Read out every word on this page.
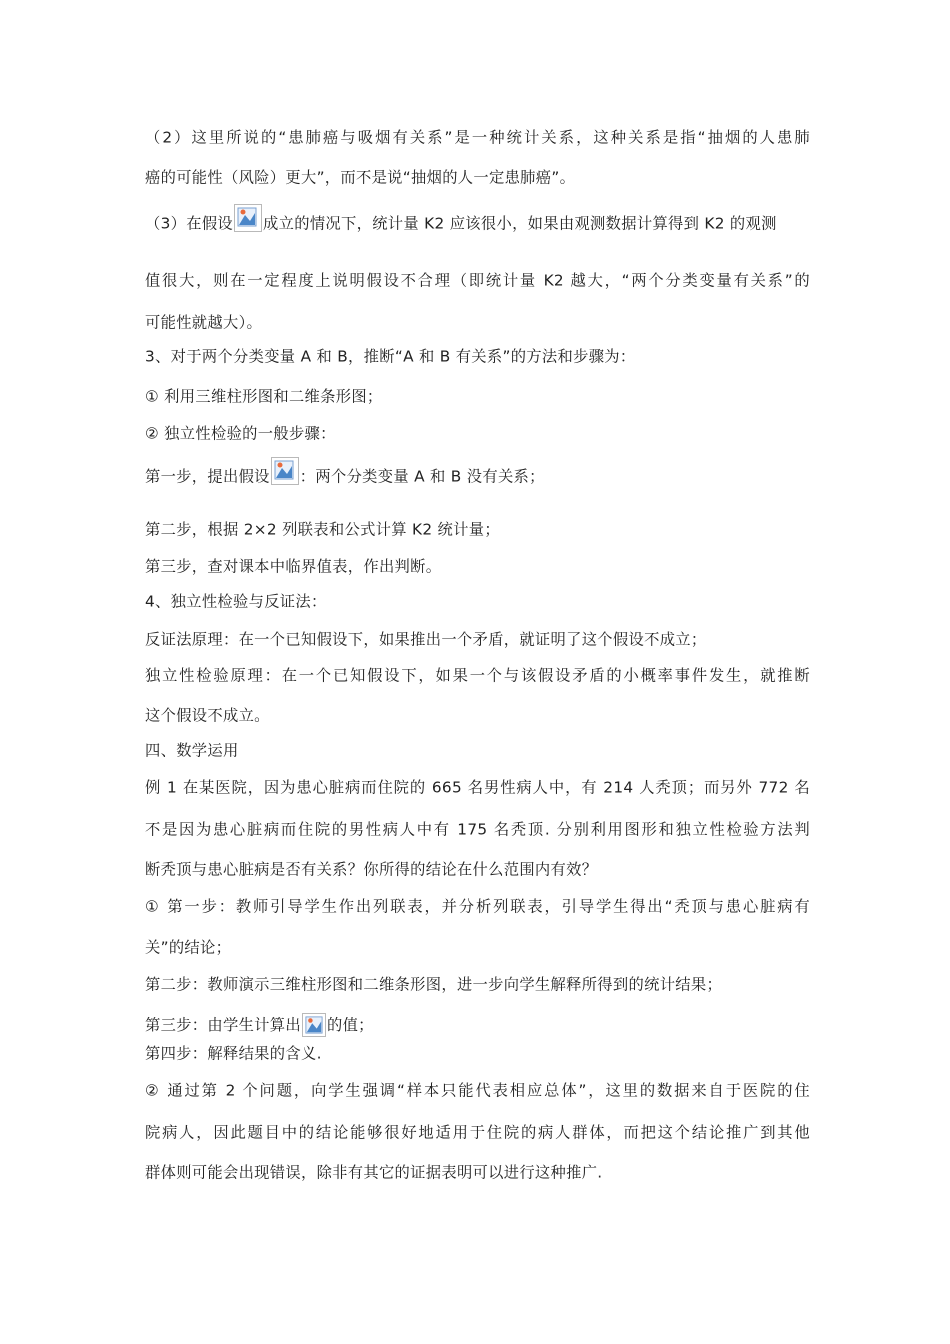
（2）这里所说的“患肺癌与吸烟有关系”是一种统计关系，这种关系是指“抽烟的人患肺
癌的可能性（风险）更大”，而不是说“抽烟的人一定患肺癌”。
（3）在假设 成立的情况下，统计量 K2 应该很小，如果由观测数据计算得到 K2 的观测
值很大，则在一定程度上说明假设不合理（即统计量 K2 越大，“两个分类变量有关系”的
可能性就越大）。
3、对于两个分类变量 A 和 B，推断“A 和 B 有关系”的方法和步骤为：
① 利用三维柱形图和二维条形图；
② 独立性检验的一般步骤：
第一步，提出假设 ：两个分类变量 A 和 B 没有关系；
第二步，根据 2×2 列联表和公式计算 K2 统计量；
第三步，查对课本中临界值表，作出判断。
4、独立性检验与反证法：
反证法原理：在一个已知假设下，如果推出一个矛盾，就证明了这个假设不成立；
独立性检验原理：在一个已知假设下，如果一个与该假设矛盾的小概率事件发生，就推断
这个假设不成立。
四、数学运用
例 1 在某医院，因为患心脏病而住院的 665 名男性病人中，有 214 人秃顶；而另外 772 名
不是因为患心脏病而住院的男性病人中有 175 名秃顶. 分别利用图形和独立性检验方法判
断秃顶与患心脏病是否有关系？你所得的结论在什么范围内有效？
① 第一步：教师引导学生作出列联表，并分析列联表，引导学生得出“秃顶与患心脏病有
关”的结论；
第二步：教师演示三维柱形图和二维条形图，进一步向学生解释所得到的统计结果；
第三步：由学生计算出 的值；
第四步：解释结果的含义.
② 通过第 2 个问题，向学生强调“样本只能代表相应总体”，这里的数据来自于医院的住
院病人，因此题目中的结论能够很好地适用于住院的病人群体，而把这个结论推广到其他
群体则可能会出现错误，除非有其它的证据表明可以进行这种推广.
